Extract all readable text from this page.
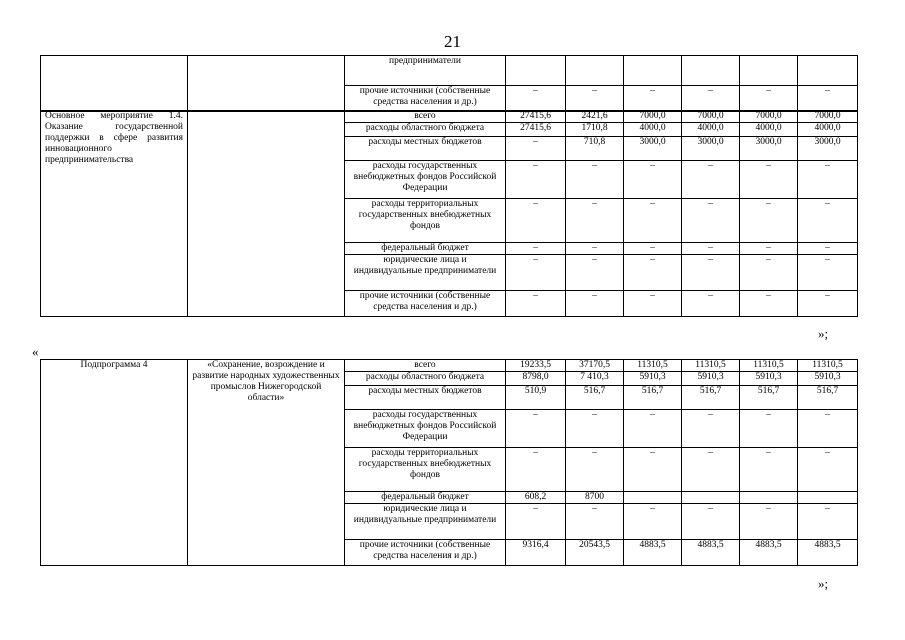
21
		предприниматели						
		прочие источники (собственные средства населения и др.)	–	–	–	–	–	–
Основное мероприятие 1.4. Оказание государственной поддержки в сфере развития инновационного предпринимательства		всего	27415,6	2421,6	7000,0	7000,0	7000,0	7000,0
		расходы областного бюджета	27415,6	1710,8	4000,0	4000,0	4000,0	4000,0
		расходы местных бюджетов	–	710,8	3000,0	3000,0	3000,0	3000,0
		расходы государственных внебюджетных фондов Российской Федерации	–	–	–	–	–	–
		расходы территориальных государственных внебюджетных фондов	–	–	–	–	–	–
		федеральный бюджет	–	–	–	–	–	–
		юридические лица и индивидуальные предприниматели	–	–	–	–	–	–
		прочие источники (собственные средства населения и др.)	–	–	–	–	–	–
»;
«
Подпрограмма 4	«Сохранение, возрождение и развитие народных художественных промыслов Нижегородской области»	всего	19233,5	37170,5	11310,5	11310,5	11310,5	11310,5
		расходы областного бюджета	8798,0	7 410,3	5910,3	5910,3	5910,3	5910,3
		расходы местных бюджетов	510,9	516,7	516,7	516,7	516,7	516,7
		расходы государственных внебюджетных фондов Российской Федерации	–	–	–	–	–	–
		расходы территориальных государственных внебюджетных фондов	–	–	–	–	–	–
		федеральный бюджет	608,2	8700				
		юридические лица и индивидуальные предприниматели	–	–	–	–	–	–
		прочие источники (собственные средства населения и др.)	9316,4	20543,5	4883,5	4883,5	4883,5	4883,5
»;
